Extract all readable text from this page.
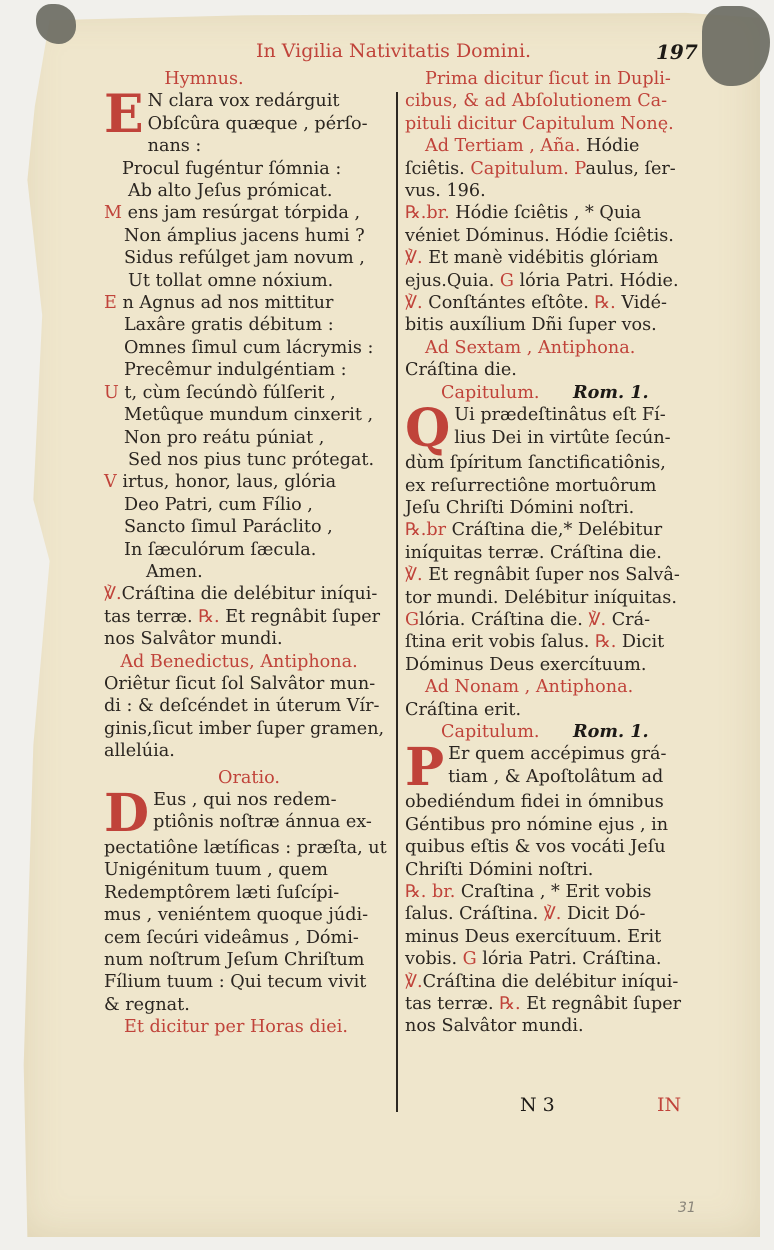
In Vigilia Nativitatis Domini.	197
Hymnus.
E N clara vox redárguit
Obſcûra quæque , pérſo-
nans :
Procul fugéntur ſómnia :
Ab alto Jeſus prómicat.
M ens jam resúrgat tórpida ,
Non ámplius jacens humi ?
Sidus refúlget jam novum ,
Ut tollat omne nóxium.
E n Agnus ad nos mittitur
Laxâre gratis débitum :
Omnes ſimul cum lácrymis :
Precêmur indulgéntiam :
U t, cùm ſecúndò fúlſerit ,
Metûque mundum cinxerit ,
Non pro reátu púniat ,
Sed nos pius tunc prótegat.
V irtus, honor, laus, glória
Deo Patri, cum Fílio ,
Sancto ſimul Paráclito ,
In ſæculórum ſæcula.
Amen.
℣.Cráſtina die delébitur iníqui-
tas terræ. ℞. Et regnâbit ſuper
nos Salvâtor mundi.
Ad Benedictus, Antiphona.
Oriêtur ſicut ſol Salvâtor mun-
di : & deſcéndet in úterum Vír-
ginis,ſicut imber ſuper gramen,
allelúia.
Oratio.
D Eus , qui nos redem-
ptiônis noſtræ ánnua ex-
pectatiône lætíficas : præſta, ut
Unigénitum tuum , quem
Redemptôrem læti ſuſcípi-
mus , veniéntem quoque júdi-
cem ſecúri videâmus , Dómi-
num noſtrum Jeſum Chriſtum
Fílium tuum : Qui tecum vivit
& regnat.
Et dicitur per Horas diei.
Prima dicitur ſicut in Dupli-
cibus, & ad Abſolutionem Ca-
pituli dicitur Capitulum Nonę.
Ad Tertiam , Aña. Hódie
ſciêtis. Capitulum. Paulus, ſer-
vus. 196.
℞.br. Hódie ſciêtis , * Quia
véniet Dóminus. Hódie ſciêtis.
℣. Et manè vidébitis glóriam
ejus.Quia. G lória Patri. Hódie.
℣. Conſtántes eſtôte. ℞. Vidé-
bitis auxílium Dñi ſuper vos.
Ad Sextam , Antiphona.
Cráſtina die.
Capitulum. Rom. 1.
Q Ui prædeſtinâtus eſt Fí-
lius Dei in virtûte ſecún-
dùm ſpíritum ſanctificatiônis,
ex reſurrectiône mortuôrum
Jeſu Chriſti Dómini noſtri.
℞.br Cráſtina die,* Delébitur
iníquitas terræ. Cráſtina die.
℣. Et regnâbit ſuper nos Salvâ-
tor mundi. Delébitur iníquitas.
Glória. Cráſtina die. ℣. Crá-
ſtina erit vobis ſalus. ℞. Dicit
Dóminus Deus exercítuum.
Ad Nonam , Antiphona.
Cráſtina erit.
Capitulum. Rom. 1.
P Er quem accépimus grá-
tiam , & Apoſtolâtum ad
obediéndum fidei in ómnibus
Géntibus pro nómine ejus , in
quibus eſtis & vos vocáti Jeſu
Chriſti Dómini noſtri.
℞. br. Craſtina , * Erit vobis
ſalus. Cráſtina. ℣. Dicit Dó-
minus Deus exercítuum. Erit
vobis. G lória Patri. Cráſtina.
℣.Cráſtina die delébitur iníqui-
tas terræ. ℞. Et regnâbit ſuper
nos Salvâtor mundi.
N 3	IN
31
